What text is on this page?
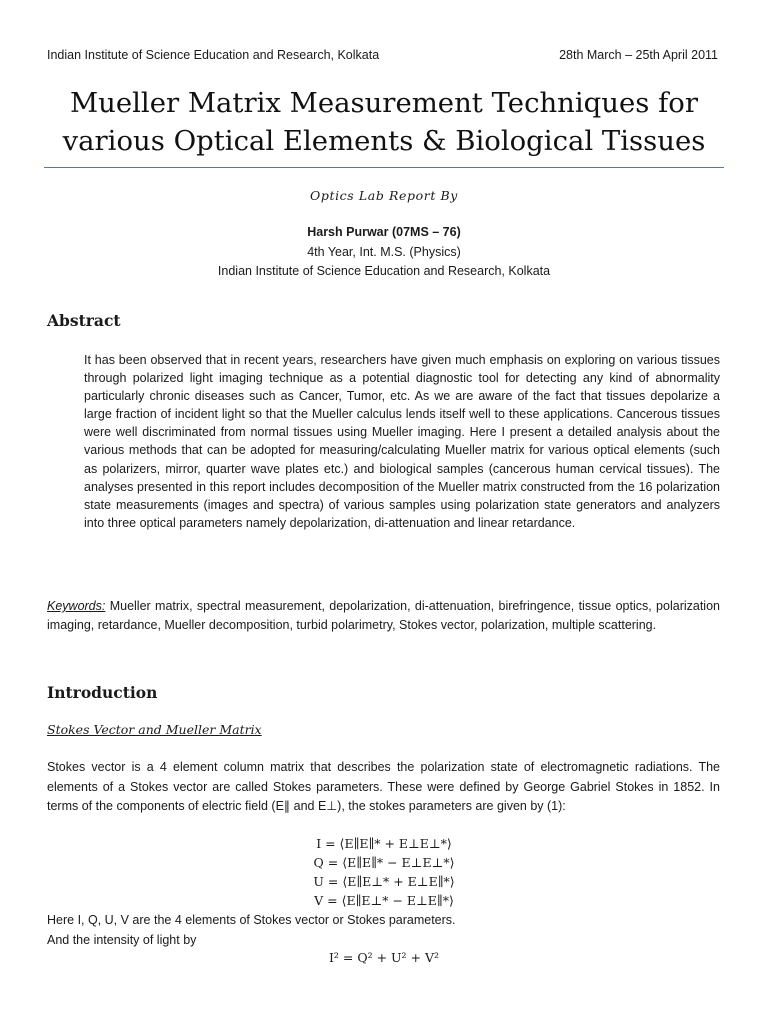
Indian Institute of Science Education and Research, Kolkata	28th March – 25th April 2011
Mueller Matrix Measurement Techniques for
various Optical Elements & Biological Tissues
Optics Lab Report By
Harsh Purwar (07MS – 76)
4th Year, Int. M.S. (Physics)
Indian Institute of Science Education and Research, Kolkata
Abstract
It has been observed that in recent years, researchers have given much emphasis on exploring on various tissues through polarized light imaging technique as a potential diagnostic tool for detecting any kind of abnormality particularly chronic diseases such as Cancer, Tumor, etc. As we are aware of the fact that tissues depolarize a large fraction of incident light so that the Mueller calculus lends itself well to these applications. Cancerous tissues were well discriminated from normal tissues using Mueller imaging. Here I present a detailed analysis about the various methods that can be adopted for measuring/calculating Mueller matrix for various optical elements (such as polarizers, mirror, quarter wave plates etc.) and biological samples (cancerous human cervical tissues). The analyses presented in this report includes decomposition of the Mueller matrix constructed from the 16 polarization state measurements (images and spectra) of various samples using polarization state generators and analyzers into three optical parameters namely depolarization, di-attenuation and linear retardance.
Keywords: Mueller matrix, spectral measurement, depolarization, di-attenuation, birefringence, tissue optics, polarization imaging, retardance, Mueller decomposition, turbid polarimetry, Stokes vector, polarization, multiple scattering.
Introduction
Stokes Vector and Mueller Matrix
Stokes vector is a 4 element column matrix that describes the polarization state of electromagnetic radiations. The elements of a Stokes vector are called Stokes parameters. These were defined by George Gabriel Stokes in 1852. In terms of the components of electric field (E∥ and E⊥), the stokes parameters are given by (1):
I = ⟨E∥E∥* + E⊥E⊥*⟩
Q = ⟨E∥E∥* − E⊥E⊥*⟩
U = ⟨E∥E⊥* + E⊥E∥*⟩
V = ⟨E∥E⊥* − E⊥E∥*⟩
Here I, Q, U, V are the 4 elements of Stokes vector or Stokes parameters.
And the intensity of light by
I² = Q² + U² + V²
